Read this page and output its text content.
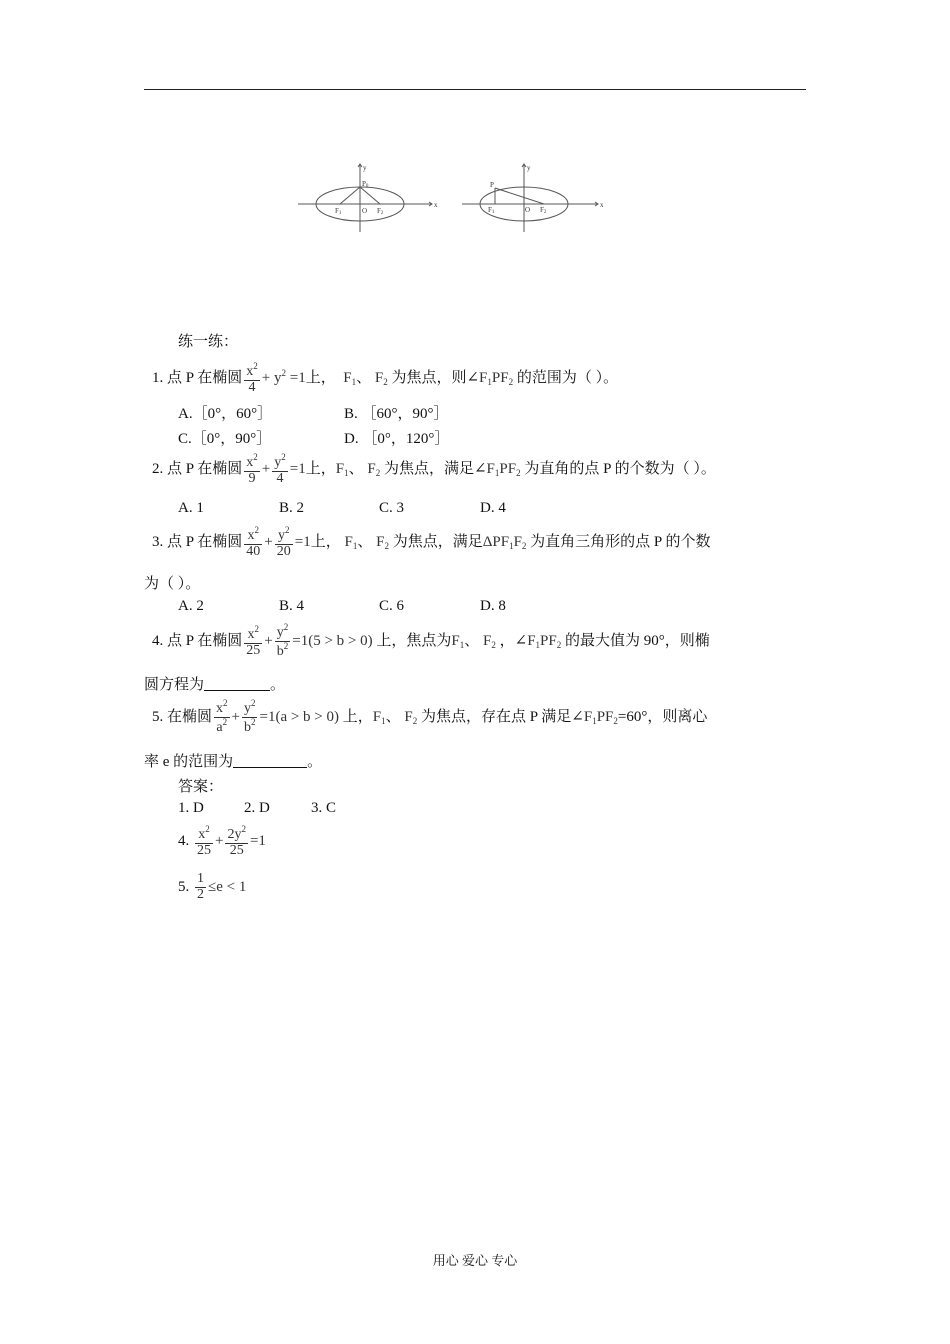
y
x
P0
F1	O F2
y
x
P
F1	O F2
练一练：
1. 点 P 在椭圆 $\frac{x^2}{4} + y^2 =1$上， $F_1$、 $F_2$ 为焦点，则$\angle F_1PF_2$ 的范围为（ ）。
A.［0°，60°］	B. ［60°，90°］
C.［0°，90°］	D. ［0°，120°］
2. 点 P 在椭圆 $\frac{x^2}{9} + \frac{y^2}{4} =1$上，$F_1$、 $F_2$ 为焦点，满足$\angle F_1PF_2$ 为直角的点 P 的个数为（ ）。
A. 1	B. 2	C. 3	D. 4
3. 点 P 在椭圆 $\frac{x^2}{40} + \frac{y^2}{20} =1$上， $F_1$、 $F_2$ 为焦点，满足$\Delta PF_1F_2$ 为直角三角形的点 P 的个数
为（ ）。
A. 2	B. 4	C. 6	D. 8
4. 点 P 在椭圆 $\frac{x^2}{25} + \frac{y^2}{b^2} =1(5 > b > 0)$ 上，焦点为$F_1$、 $F_2$ ，$\angle F_1PF_2$ 的最大值为 90°，则椭
圆方程为	。
5. 在椭圆 $\frac{x^2}{a^2} + \frac{y^2}{b^2} =1(a > b > 0)$ 上，$F_1$、 $F_2$ 为焦点，存在点 P 满足$\angle F_1PF_2=60^\circ$，则离心
率 e 的范围为	。
答案：
1. D	2. D	3. C
4. $\frac{x^2}{25} + \frac{2y^2}{25} =1$
5. $\frac{1}{2} \le e < 1$
用心 爱心 专心
